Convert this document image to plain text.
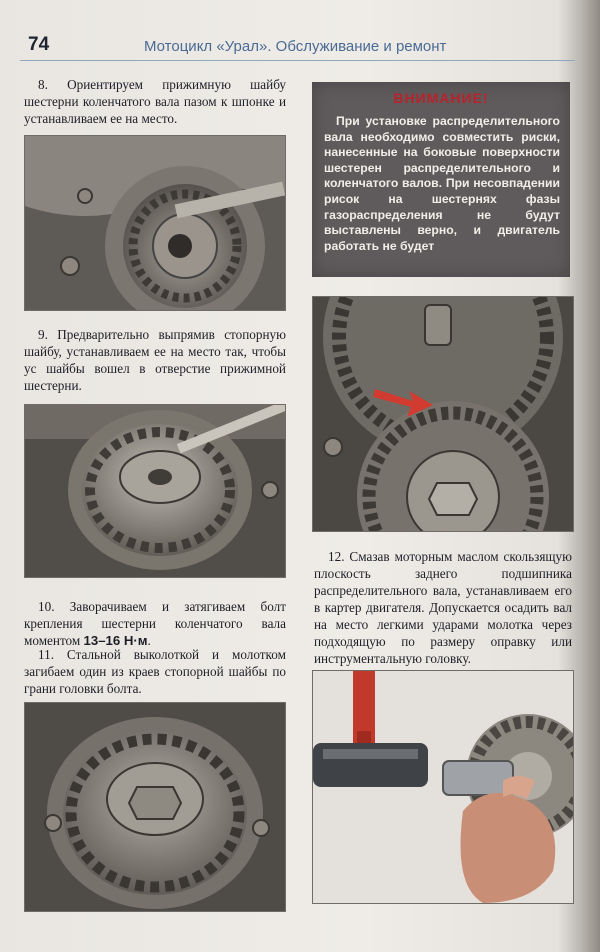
74	Мотоцикл «Урал». Обслуживание и ремонт

8. Ориентируем прижимную шайбу шестерни коленчатого вала пазом к шпонке и устанавливаем ее на место.

9. Предварительно выпрямив стопорную шайбу, устанавливаем ее на место так, чтобы ус шайбы вошел в отверстие прижимной шестерни.

10. Заворачиваем и затягиваем болт крепления шестерни коленчатого вала моментом 13–16 Н·м.

11. Стальной выколоткой и молотком загибаем один из краев стопорной шайбы по грани головки болта.

ВНИМАНИЕ!
При установке распределительного вала необходимо совместить риски, нанесенные на боковые поверхности шестерен распределительного и коленчатого валов. При несовпадении рисок на шестернях фазы газораспределения не будут выставлены верно, и двигатель работать не будет

12. Смазав моторным маслом скользящую плоскость заднего подшипника распределительного вала, устанавливаем его в картер двигателя. Допускается осадить вал на место легкими ударами молотка через подходящую по размеру оправку или инструментальную головку.
